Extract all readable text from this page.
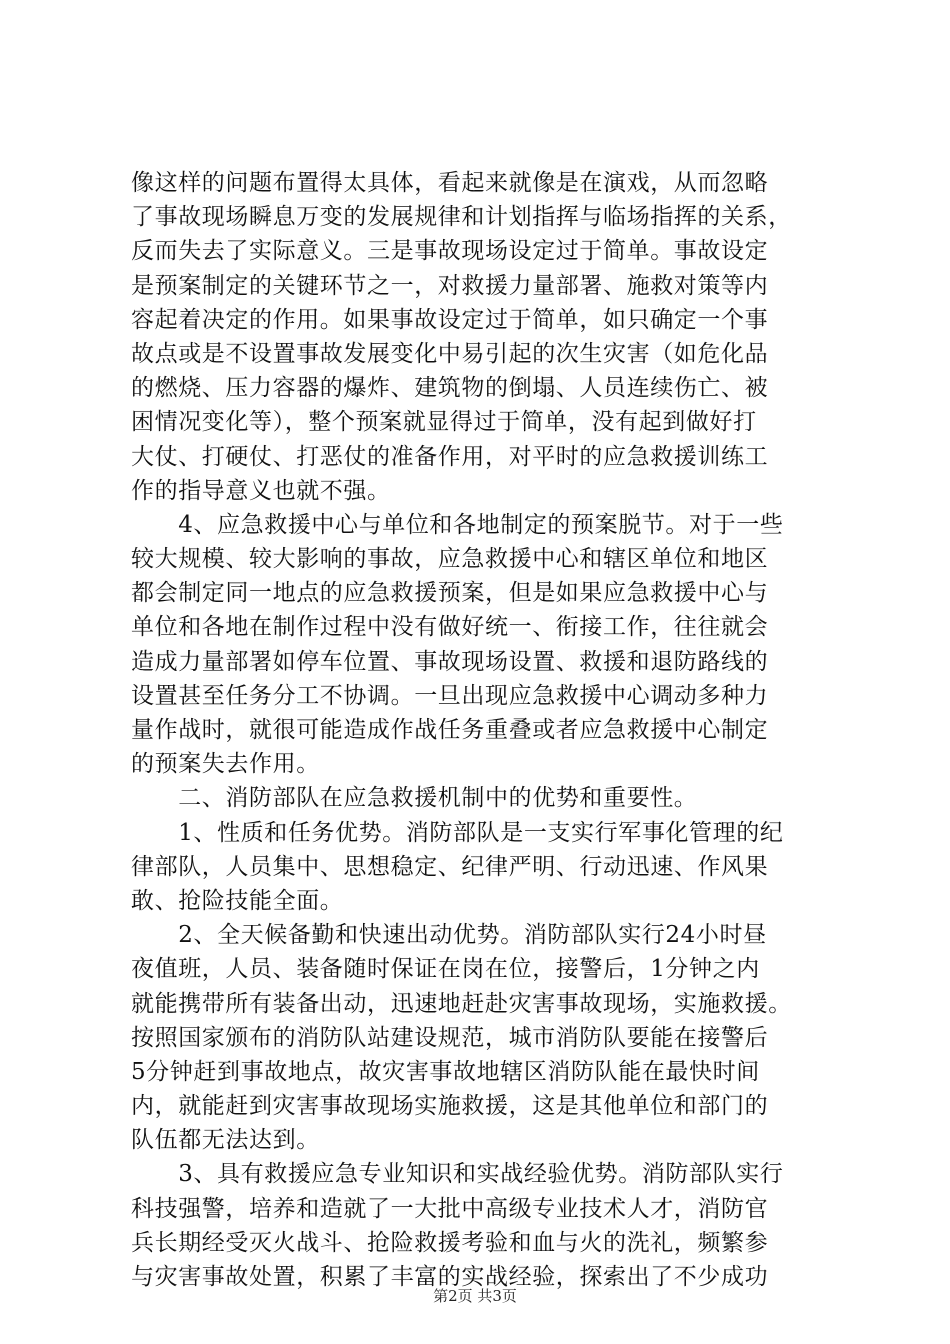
像这样的问题布置得太具体，看起来就像是在演戏，从而忽略
了事故现场瞬息万变的发展规律和计划指挥与临场指挥的关系，
反而失去了实际意义。三是事故现场设定过于简单。事故设定
是预案制定的关键环节之一，对救援力量部署、施救对策等内
容起着决定的作用。如果事故设定过于简单，如只确定一个事
故点或是不设置事故发展变化中易引起的次生灾害（如危化品
的燃烧、压力容器的爆炸、建筑物的倒塌、人员连续伤亡、被
困情况变化等），整个预案就显得过于简单，没有起到做好打
大仗、打硬仗、打恶仗的准备作用，对平时的应急救援训练工
作的指导意义也就不强。
　　4、应急救援中心与单位和各地制定的预案脱节。对于一些
较大规模、较大影响的事故，应急救援中心和辖区单位和地区
都会制定同一地点的应急救援预案，但是如果应急救援中心与
单位和各地在制作过程中没有做好统一、衔接工作，往往就会
造成力量部署如停车位置、事故现场设置、救援和退防路线的
设置甚至任务分工不协调。一旦出现应急救援中心调动多种力
量作战时，就很可能造成作战任务重叠或者应急救援中心制定
的预案失去作用。
　　二、消防部队在应急救援机制中的优势和重要性。
　　1、性质和任务优势。消防部队是一支实行军事化管理的纪
律部队，人员集中、思想稳定、纪律严明、行动迅速、作风果
敢、抢险技能全面。
　　2、全天候备勤和快速出动优势。消防部队实行24小时昼
夜值班，人员、装备随时保证在岗在位，接警后，1分钟之内
就能携带所有装备出动，迅速地赶赴灾害事故现场，实施救援。
按照国家颁布的消防队站建设规范，城市消防队要能在接警后
5分钟赶到事故地点，故灾害事故地辖区消防队能在最快时间
内，就能赶到灾害事故现场实施救援，这是其他单位和部门的
队伍都无法达到。
　　3、具有救援应急专业知识和实战经验优势。消防部队实行
科技强警，培养和造就了一大批中高级专业技术人才，消防官
兵长期经受灭火战斗、抢险救援考验和血与火的洗礼，频繁参
与灾害事故处置，积累了丰富的实战经验，探索出了不少成功
第2页 共3页
